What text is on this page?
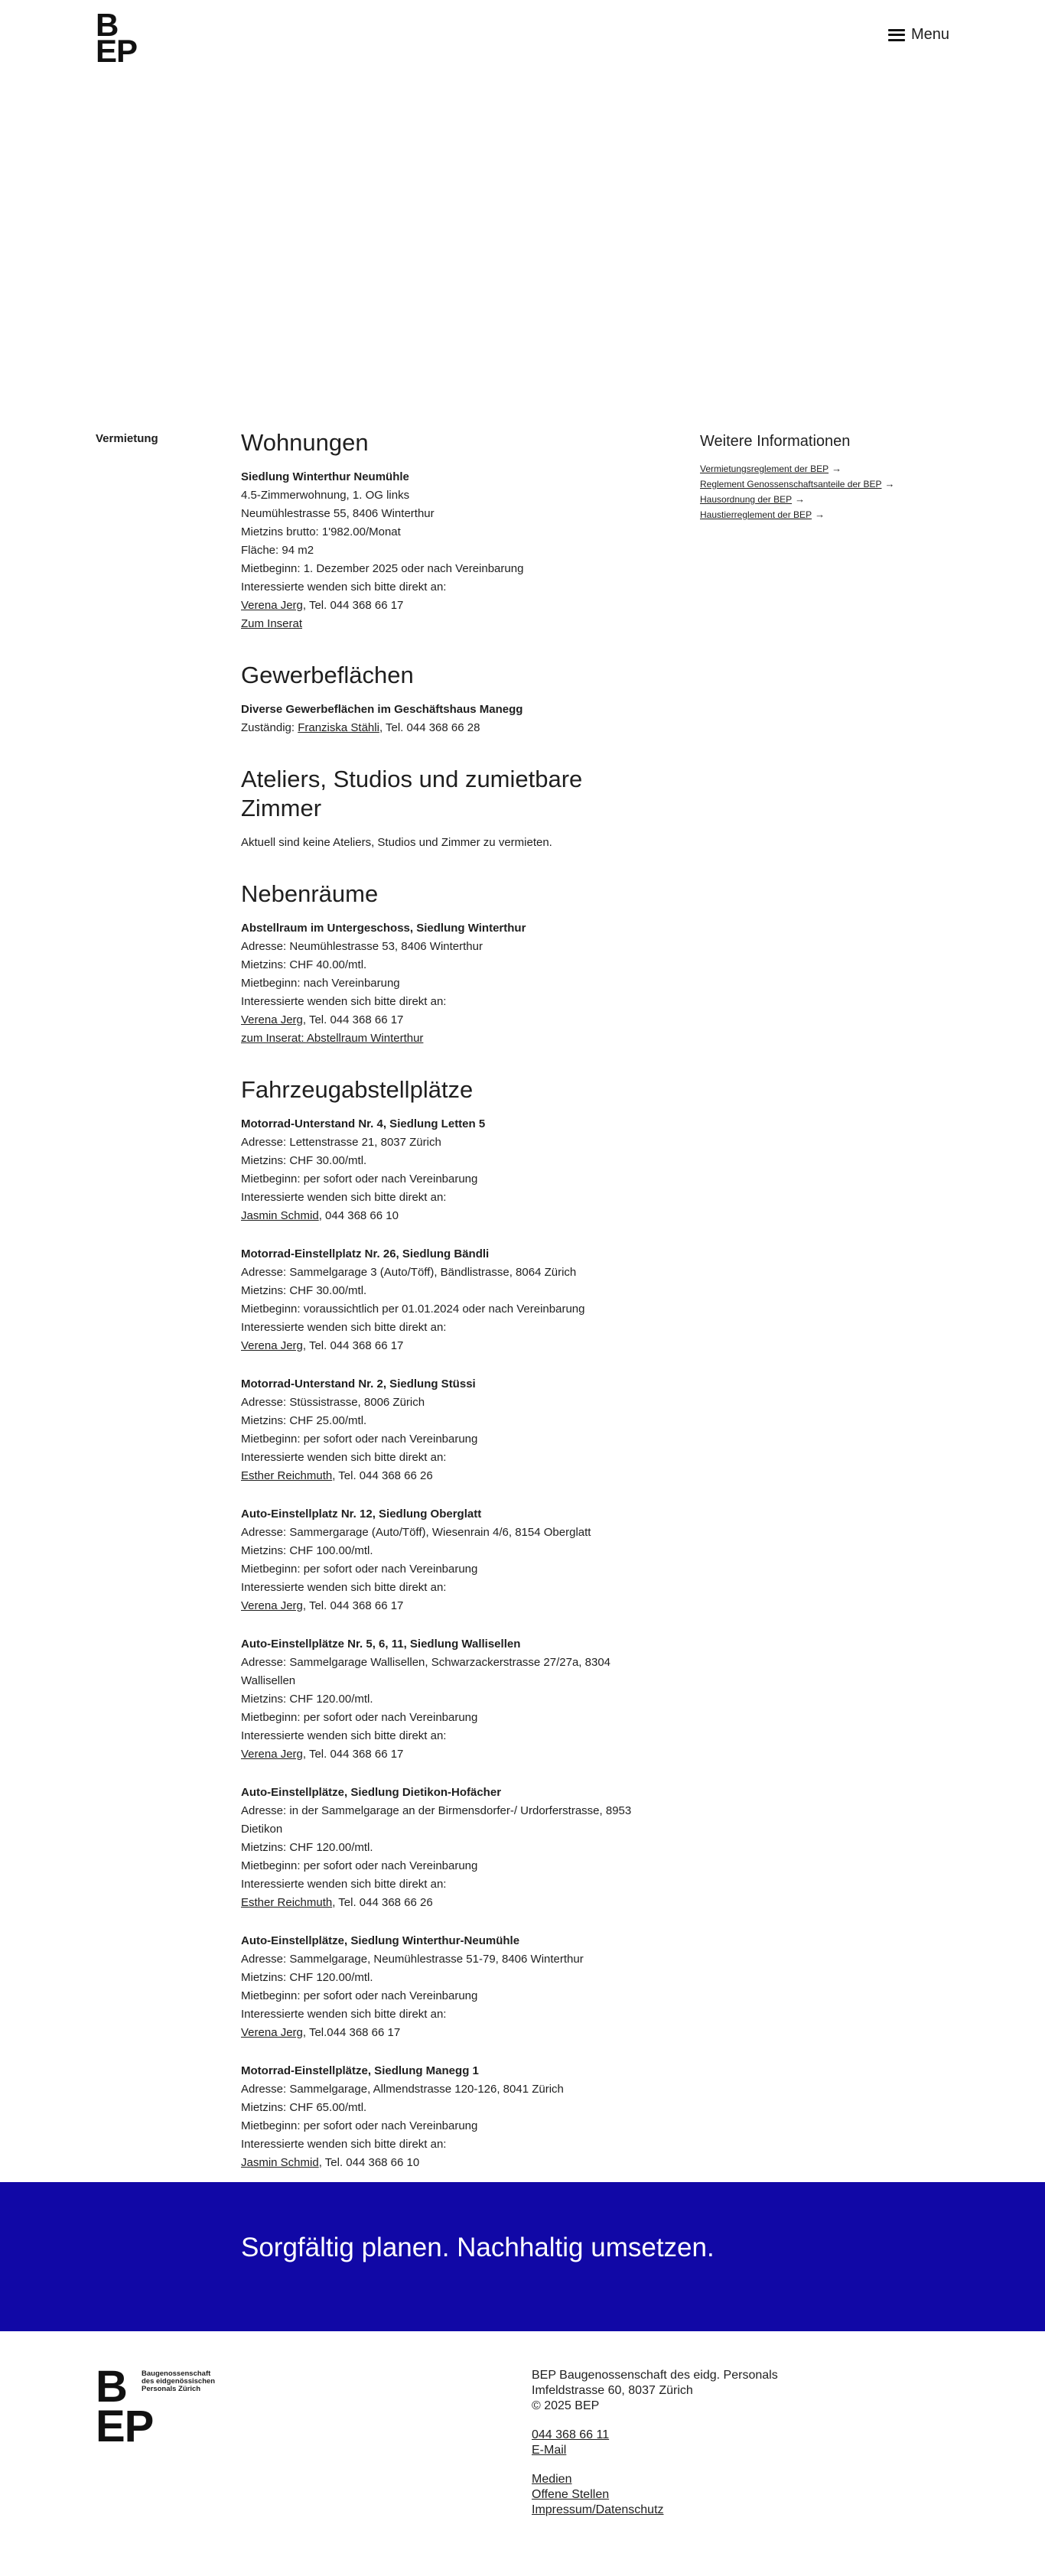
B
EP	Menu
Vermietung	Wohnungen
Siedlung Winterthur Neumühle
4.5-Zimmerwohnung, 1. OG links
Neumühlestrasse 55, 8406 Winterthur
Mietzins brutto: 1'982.00/Monat
Fläche: 94 m2
Mietbeginn: 1. Dezember 2025 oder nach Vereinbarung
Interessierte wenden sich bitte direkt an:
Verena Jerg, Tel. 044 368 66 17
Zum Inserat
Gewerbeflächen
Diverse Gewerbeflächen im Geschäftshaus Manegg
Zuständig: Franziska Stähli, Tel. 044 368 66 28
Ateliers, Studios und zumietbare Zimmer

Aktuell sind keine Ateliers, Studios und Zimmer zu vermieten.

Nebenräume
Abstellraum im Untergeschoss, Siedlung Winterthur
Adresse: Neumühlestrasse 53, 8406 Winterthur
Mietzins: CHF 40.00/mtl.
Mietbeginn: nach Vereinbarung
Interessierte wenden sich bitte direkt an:
Verena Jerg, Tel. 044 368 66 17
zum Inserat: Abstellraum Winterthur
Fahrzeugabstellplätze
Motorrad-Unterstand Nr. 4, Siedlung Letten 5
Adresse: Lettenstrasse 21, 8037 Zürich
Mietzins: CHF 30.00/mtl.
Mietbeginn: per sofort oder nach Vereinbarung
Interessierte wenden sich bitte direkt an:
Jasmin Schmid, 044 368 66 10
Motorrad-Einstellplatz Nr. 26, Siedlung Bändli
Adresse: Sammelgarage 3 (Auto/Töff), Bändlistrasse, 8064 Zürich
Mietzins: CHF 30.00/mtl.
Mietbeginn: voraussichtlich per 01.01.2024 oder nach Vereinbarung
Interessierte wenden sich bitte direkt an:
Verena Jerg, Tel. 044 368 66 17
Motorrad-Unterstand Nr. 2, Siedlung Stüssi
Adresse: Stüssistrasse, 8006 Zürich
Mietzins: CHF 25.00/mtl.
Mietbeginn: per sofort oder nach Vereinbarung
Interessierte wenden sich bitte direkt an:
Esther Reichmuth, Tel. 044 368 66 26
Auto-Einstellplatz Nr. 12, Siedlung Oberglatt
Adresse: Sammergarage (Auto/Töff), Wiesenrain 4/6, 8154 Oberglatt
Mietzins: CHF 100.00/mtl.
Mietbeginn: per sofort oder nach Vereinbarung
Interessierte wenden sich bitte direkt an:
Verena Jerg, Tel. 044 368 66 17
Auto-Einstellplätze Nr. 5, 6, 11, Siedlung Wallisellen
Adresse: Sammelgarage Wallisellen, Schwarzackerstrasse 27/27a, 8304 Wallisellen
Mietzins: CHF 120.00/mtl.
Mietbeginn: per sofort oder nach Vereinbarung
Interessierte wenden sich bitte direkt an:
Verena Jerg, Tel. 044 368 66 17
Auto-Einstellplätze, Siedlung Dietikon-Hofächer
Adresse: in der Sammelgarage an der Birmensdorfer-/ Urdorferstrasse, 8953 Dietikon
Mietzins: CHF 120.00/mtl.
Mietbeginn: per sofort oder nach Vereinbarung
Interessierte wenden sich bitte direkt an:
Esther Reichmuth, Tel. 044 368 66 26
Auto-Einstellplätze, Siedlung Winterthur-Neumühle
Adresse: Sammelgarage, Neumühlestrasse 51-79, 8406 Winterthur
Mietzins: CHF 120.00/mtl.
Mietbeginn: per sofort oder nach Vereinbarung
Interessierte wenden sich bitte direkt an:
Verena Jerg, Tel.044 368 66 17
Motorrad-Einstellplätze, Siedlung Manegg 1
Adresse: Sammelgarage, Allmendstrasse 120-126, 8041 Zürich
Mietzins: CHF 65.00/mtl.
Mietbeginn: per sofort oder nach Vereinbarung
Interessierte wenden sich bitte direkt an:
Jasmin Schmid, Tel. 044 368 66 10
Weitere Informationen
Vermietungsreglement der BEP →
Reglement Genossenschaftsanteile der BEP →
Hausordnung der BEP →
Haustierreglement der BEP →
Sorgfältig planen. Nachhaltig umsetzen.
B
EP
Baugenossenschaft
des eidgenössischen
Personals Zürich
BEP Baugenossenschaft des eidg. Personals
Imfeldstrasse 60, 8037 Zürich
© 2025 BEP
044 368 66 11
E-Mail
Medien
Offene Stellen
Impressum/Datenschutz
